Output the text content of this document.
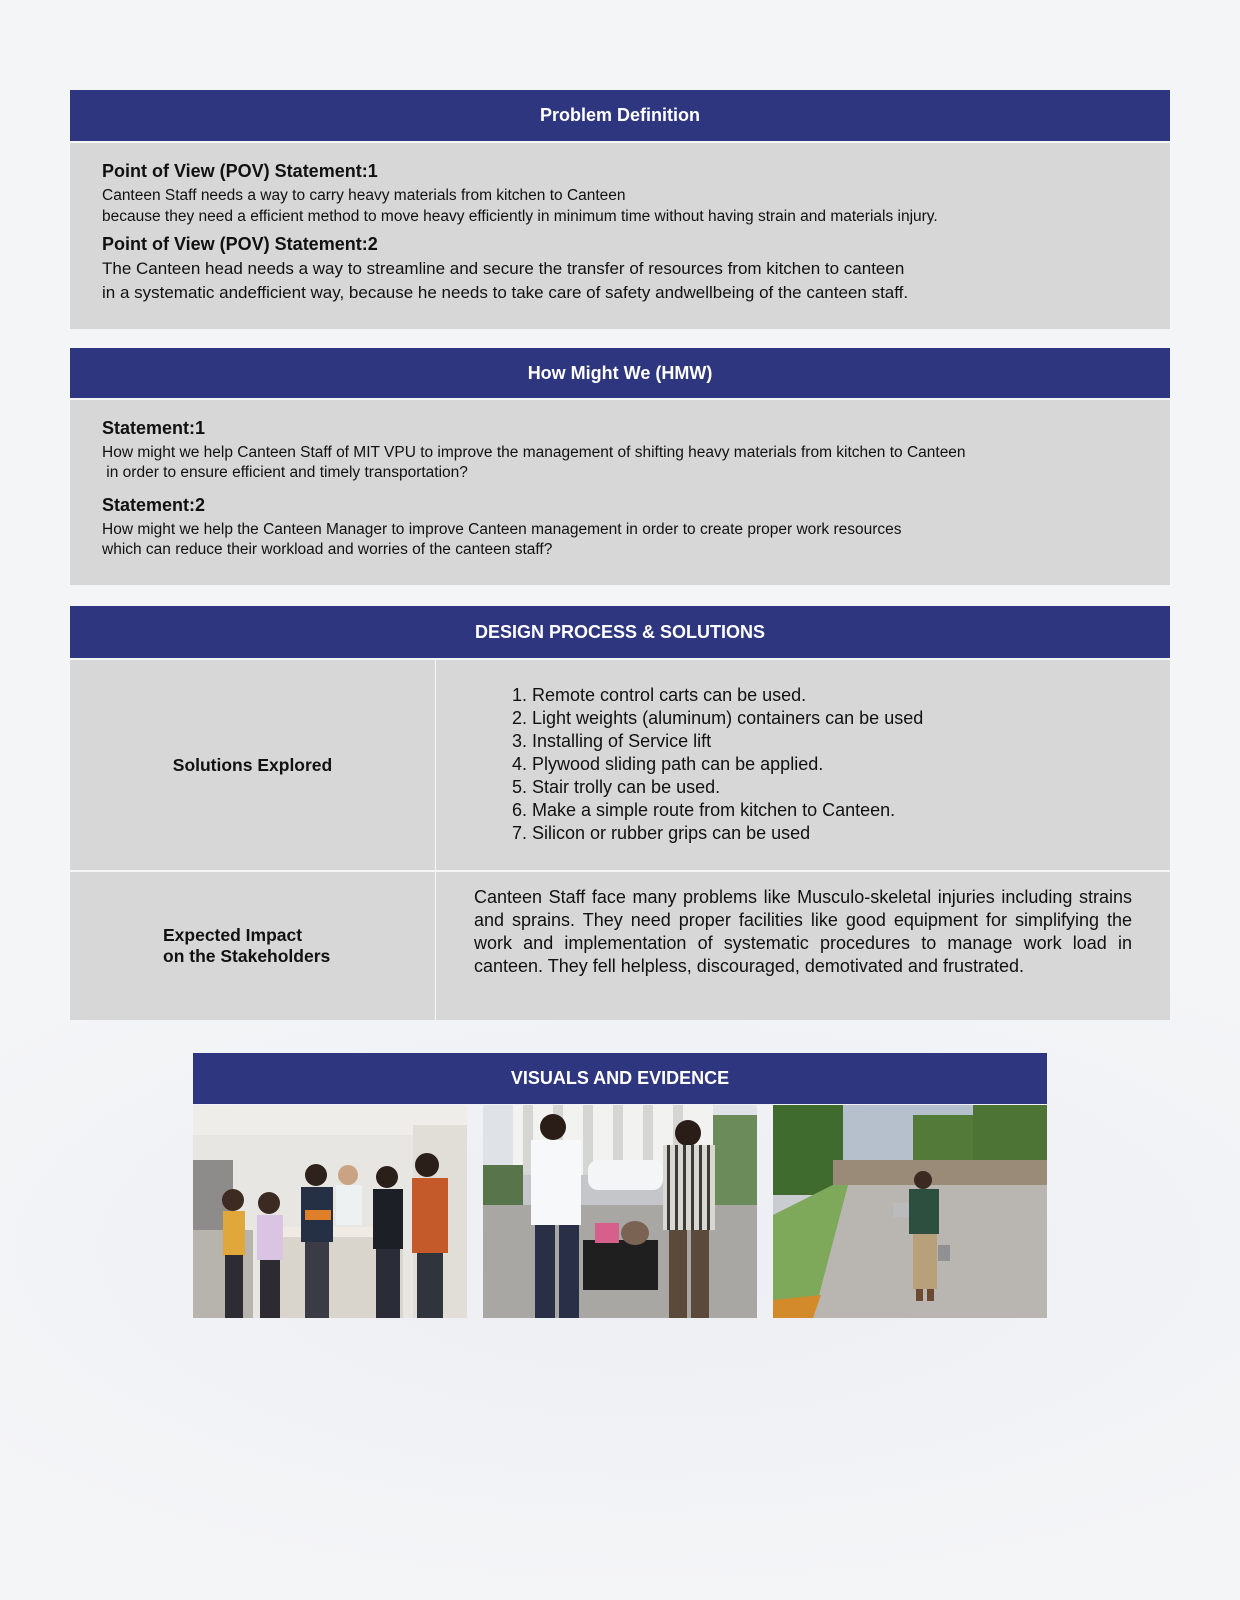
Problem Definition

Point of View (POV) Statement:1

Canteen Staff needs a way to carry heavy materials from kitchen to Canteen

because they need a efficient method to move heavy efficiently in minimum time without having strain and materials injury.

Point of View (POV) Statement:2

The Canteen head needs a way to streamline and secure the transfer of resources from kitchen to canteen

in a systematic andefficient way, because he needs to take care of safety andwellbeing of the canteen staff.

How Might We (HMW)

Statement:1

How might we help Canteen Staff of MIT VPU to improve the management of shifting heavy materials from kitchen to Canteen

in order to ensure efficient and timely transportation?

Statement:2

How might we help the Canteen Manager to improve Canteen management in order to create proper work resources

which can reduce their workload and worries of the canteen staff?

DESIGN PROCESS & SOLUTIONS
Solutions Explored
1. Remote control carts can be used.
2. Light weights (aluminum) containers can be used
3. Installing of Service lift
4. Plywood sliding path can be applied.
5. Stair trolly can be used.
6. Make a simple route from kitchen to Canteen.
7. Silicon or rubber grips can be used
Expected Impact
on the Stakeholders

Canteen Staff face many problems like Musculo-skeletal injuries including strains and sprains. They need proper facilities like good equipment for simplifying the work and implementation of systematic procedures to manage work load in canteen. They fell helpless, discouraged, demotivated and frustrated.

VISUALS AND EVIDENCE
